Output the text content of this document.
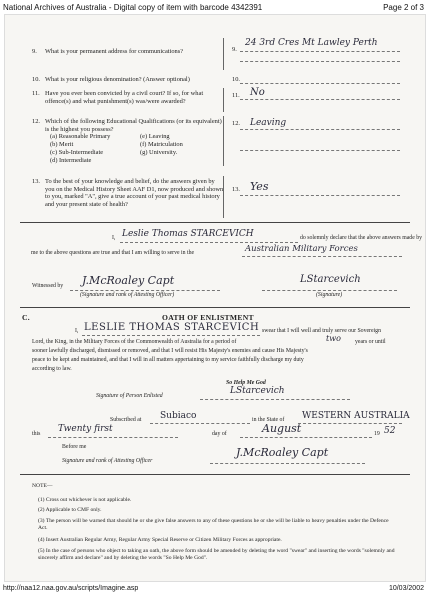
National Archives of Australia - Digital copy of item with barcode 4342391	Page 2 of 3
9. What is your permanent address for communications?	9.
24 3rd Cres Mt Lawley Perth
10. What is your religious denomination? (Answer optional)	10.
11. Have you ever been convicted by a civil court? If so, for what offence(s) and what punishment(s) was/were awarded?
11. No
12. Which of the following Educational Qualifications (or its equivalent) is the highest you possess?
(a) Reasonable Primary
(b) Merit
(c) Sub-Intermediate
(d) Intermediate
(e) Leaving
(f) Matriculation
(g) University.
12. Leaving
13. To the best of your knowledge and belief, do the answers given by you on the Medical History Sheet AAF D1, now produced and shown to you, marked "A", give a true account of your past medical history and your present state of health?
13. Yes
I, Leslie Thomas STARCEVICH	do solemnly declare that the above answers made by
me to the above questions are true and that I am willing to serve in the	Australian Military Forces
Witnessed by J.McRoaley Capt
(Signature and rank of Attesting Officer)
LStarcevich
(Signature)
C.	OATH OF ENLISTMENT
I, LESLIE THOMAS STARCEVICH swear that I will well and truly serve our Sovereign
Lord, the King, in the Military Forces of the Commonwealth of Australia for a period of	two years or until
sooner lawfully discharged, dismissed or removed, and that I will resist His Majesty's enemies and cause His Majesty's
peace to be kept and maintained, and that I will in all matters appertaining to my service faithfully discharge my duty
according to law.
So Help Me God
Signature of Person Enlisted	LStarcevich
Subscribed at Subiaco	in the State of WESTERN AUSTRALIA
this Twenty first	day of	August	19 52
Before me
Signature and rank of Attesting Officer
J.McRoaley Capt
NOTE—
(1) Cross out whichever is not applicable.
(2) Applicable to CMF only.
(3) The person will be warned that should he or she give false answers to any of these questions he or she will be liable to heavy penalties under the Defence Act.
(4) Insert Australian Regular Army, Regular Army Special Reserve or Citizen Military Forces as appropriate.
(5) In the case of persons who object to taking an oath, the above form should be amended by deleting the word "swear" and inserting the words "solemnly and sincerely affirm and declare" and by deleting the words "So Help Me God".
http://naa12.naa.gov.au/scripts/Imagine.asp	10/03/2002
